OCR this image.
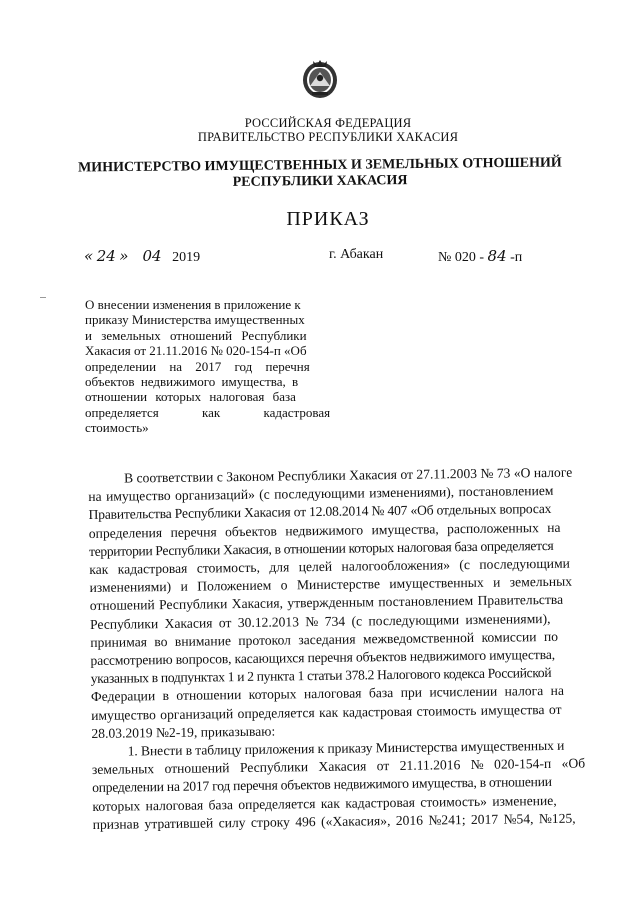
РОССИЙСКАЯ ФЕДЕРАЦИЯ
ПРАВИТЕЛЬСТВО РЕСПУБЛИКИ ХАКАСИЯ
МИНИСТЕРСТВО ИМУЩЕСТВЕННЫХ И ЗЕМЕЛЬНЫХ ОТНОШЕНИЙ
РЕСПУБЛИКИ ХАКАСИЯ
ПРИКАЗ
« 24 » 04 2019	г. Абакан	№ 020 - 84 -п
О внесении изменения в приложение к
приказу Министерства имущественных
и земельных отношений Республики
Хакасия от 21.11.2016 № 020-154-п «Об
определении на 2017 год перечня
объектов недвижимого имущества, в
отношении которых налоговая база
определяется как кадастровая
стоимость»
В соответствии с Законом Республики Хакасия от 27.11.2003 № 73 «О налоге
на имущество организаций» (с последующими изменениями), постановлением
Правительства Республики Хакасия от 12.08.2014 № 407 «Об отдельных вопросах
определения перечня объектов недвижимого имущества, расположенных на
территории Республики Хакасия, в отношении которых налоговая база определяется
как кадастровая стоимость, для целей налогообложения» (с последующими
изменениями) и Положением о Министерстве имущественных и земельных
отношений Республики Хакасия, утвержденным постановлением Правительства
Республики Хакасия от 30.12.2013 № 734 (с последующими изменениями),
принимая во внимание протокол заседания межведомственной комиссии по
рассмотрению вопросов, касающихся перечня объектов недвижимого имущества,
указанных в подпунктах 1 и 2 пункта 1 статьи 378.2 Налогового кодекса Российской
Федерации в отношении которых налоговая база при исчислении налога на
имущество организаций определяется как кадастровая стоимость имущества от
28.03.2019 №2-19, приказываю:
1. Внести в таблицу приложения к приказу Министерства имущественных и
земельных отношений Республики Хакасия от 21.11.2016 № 020-154-п «Об
определении на 2017 год перечня объектов недвижимого имущества, в отношении
которых налоговая база определяется как кадастровая стоимость» изменение,
признав утратившей силу строку 496 («Хакасия», 2016 №241; 2017 №54, №125,
